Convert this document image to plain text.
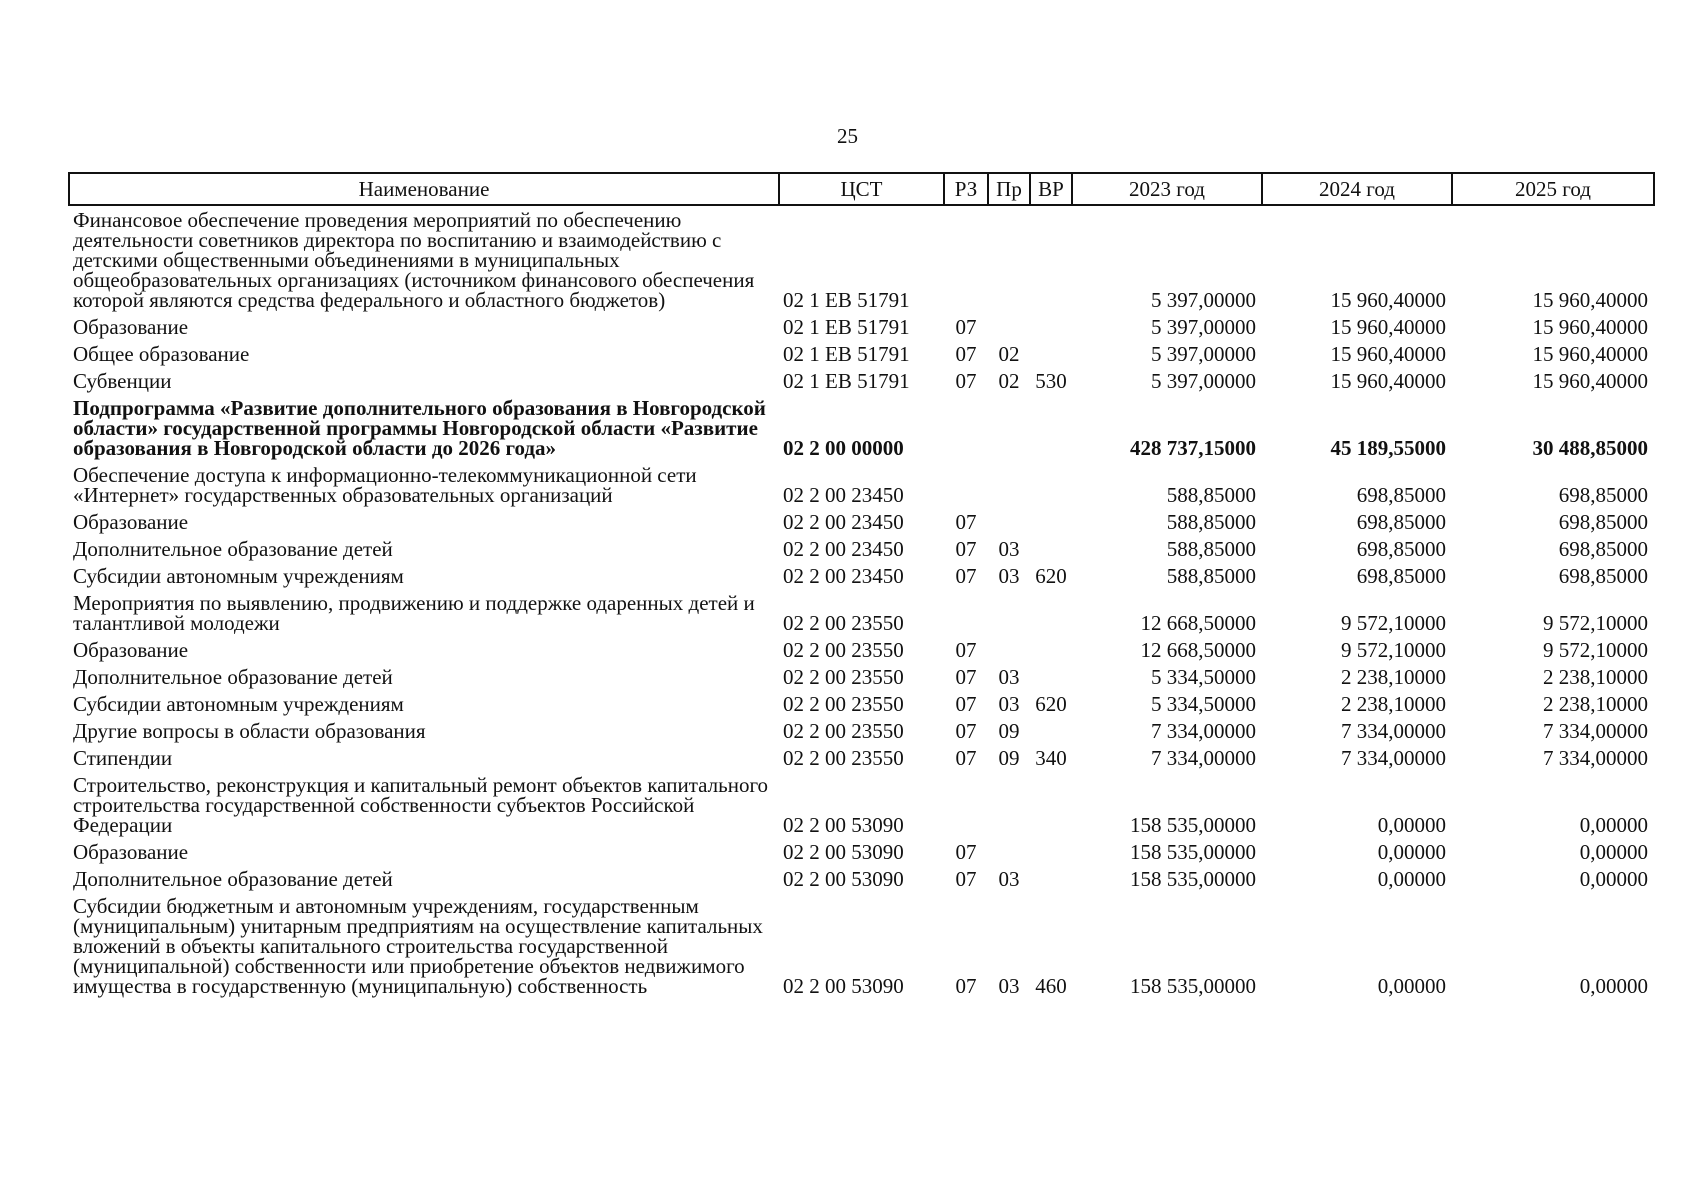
25
Наименование	ЦСТ	РЗ	Пр	ВР	2023 год	2024 год	2025 год
Финансовое обеспечение проведения мероприятий по обеспечению деятельности советников директора по воспитанию и взаимодействию с детскими общественными объединениями в муниципальных общеобразовательных организациях (источником финансового обеспечения которой являются средства федерального и областного бюджетов)	02 1 ЕВ 51791				5 397,00000	15 960,40000	15 960,40000
Образование	02 1 ЕВ 51791	07			5 397,00000	15 960,40000	15 960,40000
Общее образование	02 1 ЕВ 51791	07	02		5 397,00000	15 960,40000	15 960,40000
Субвенции	02 1 ЕВ 51791	07	02	530	5 397,00000	15 960,40000	15 960,40000
Подпрограмма «Развитие дополнительного образования в Новгородской области» государственной программы Новгородской области «Развитие образования в Новгородской области до 2026 года»	02 2 00 00000				428 737,15000	45 189,55000	30 488,85000
Обеспечение доступа к информационно-телекоммуникационной сети «Интернет» государственных образовательных организаций	02 2 00 23450				588,85000	698,85000	698,85000
Образование	02 2 00 23450	07			588,85000	698,85000	698,85000
Дополнительное образование детей	02 2 00 23450	07	03		588,85000	698,85000	698,85000
Субсидии автономным учреждениям	02 2 00 23450	07	03	620	588,85000	698,85000	698,85000
Мероприятия по выявлению, продвижению и поддержке одаренных детей и талантливой молодежи	02 2 00 23550				12 668,50000	9 572,10000	9 572,10000
Образование	02 2 00 23550	07			12 668,50000	9 572,10000	9 572,10000
Дополнительное образование детей	02 2 00 23550	07	03		5 334,50000	2 238,10000	2 238,10000
Субсидии автономным учреждениям	02 2 00 23550	07	03	620	5 334,50000	2 238,10000	2 238,10000
Другие вопросы в области образования	02 2 00 23550	07	09		7 334,00000	7 334,00000	7 334,00000
Стипендии	02 2 00 23550	07	09	340	7 334,00000	7 334,00000	7 334,00000
Строительство, реконструкция и капитальный ремонт объектов капитального строительства государственной собственности субъектов Российской Федерации	02 2 00 53090				158 535,00000	0,00000	0,00000
Образование	02 2 00 53090	07			158 535,00000	0,00000	0,00000
Дополнительное образование детей	02 2 00 53090	07	03		158 535,00000	0,00000	0,00000
Субсидии бюджетным и автономным учреждениям, государственным (муниципальным) унитарным предприятиям на осуществление капитальных вложений в объекты капитального строительства государственной (муниципальной) собственности или приобретение объектов недвижимого имущества в государственную (муниципальную) собственность	02 2 00 53090	07	03	460	158 535,00000	0,00000	0,00000
